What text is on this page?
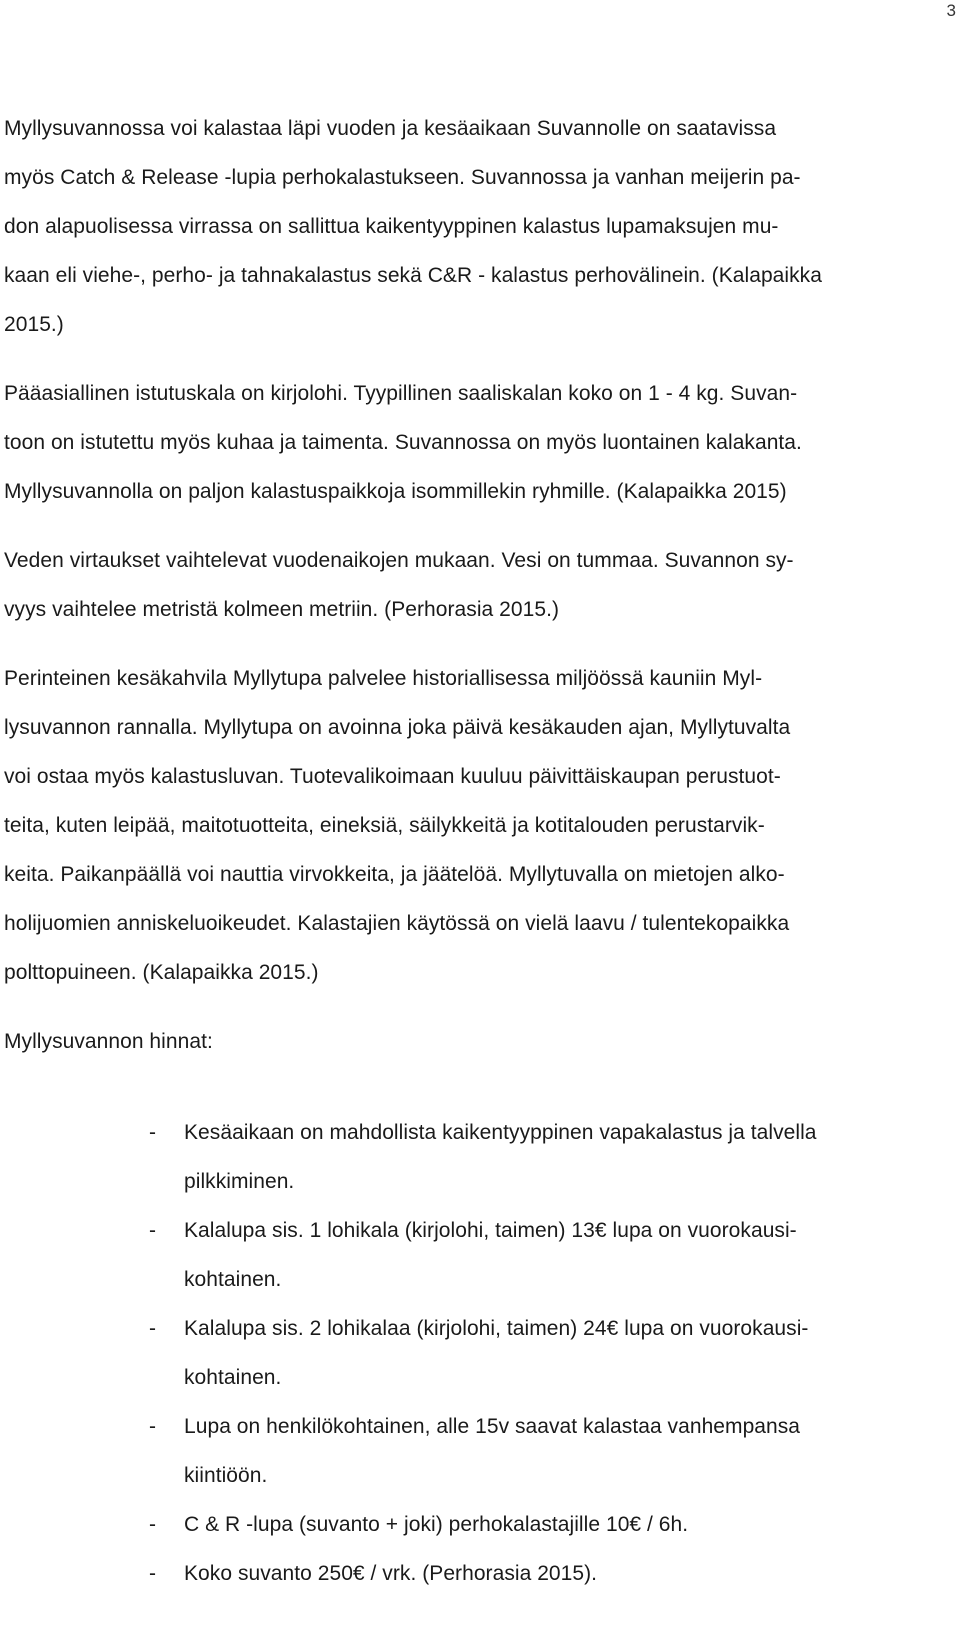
3
Myllysuvannossa voi kalastaa läpi vuoden ja kesäaikaan Suvannolle on saatavissa
myös Catch & Release -lupia perhokalastukseen. Suvannossa ja vanhan meijerin pa-
don alapuolisessa virrassa on sallittua kaikentyyppinen kalastus lupamaksujen mu-
kaan eli viehe-, perho- ja tahnakalastus sekä C&R - kalastus perhovälinein. (Kalapaikka
2015.)
Pääasiallinen istutuskala on kirjolohi. Tyypillinen saaliskalan koko on 1 - 4 kg. Suvan-
toon on istutettu myös kuhaa ja taimenta. Suvannossa on myös luontainen kalakanta.
Myllysuvannolla on paljon kalastuspaikkoja isommillekin ryhmille. (Kalapaikka 2015)
Veden virtaukset vaihtelevat vuodenaikojen mukaan. Vesi on tummaa. Suvannon sy-
vyys vaihtelee metristä kolmeen metriin. (Perhorasia 2015.)
Perinteinen kesäkahvila Myllytupa palvelee historiallisessa miljöössä kauniin Myl-
lysuvannon rannalla. Myllytupa on avoinna joka päivä kesäkauden ajan, Myllytuvalta
voi ostaa myös kalastusluvan. Tuotevalikoimaan kuuluu päivittäiskaupan perustuot-
teita, kuten leipää, maitotuotteita, eineksiä, säilykkeitä ja kotitalouden perustarvik-
keita. Paikanpäällä voi nauttia virvokkeita, ja jäätelöä. Myllytuvalla on mietojen alko-
holijuomien anniskeluoikeudet. Kalastajien käytössä on vielä laavu / tulentekopaikka
polttopuineen. (Kalapaikka 2015.)
Myllysuvannon hinnat:
- Kesäaikaan on mahdollista kaikentyyppinen vapakalastus ja talvella
pilkkiminen.
- Kalalupa sis. 1 lohikala (kirjolohi, taimen) 13€ lupa on vuorokausi-
kohtainen.
- Kalalupa sis. 2 lohikalaa (kirjolohi, taimen) 24€ lupa on vuorokausi-
kohtainen.
- Lupa on henkilökohtainen, alle 15v saavat kalastaa vanhempansa
kiintiöön.
- C & R -lupa (suvanto + joki) perhokalastajille 10€ / 6h.
- Koko suvanto 250€ / vrk. (Perhorasia 2015).
